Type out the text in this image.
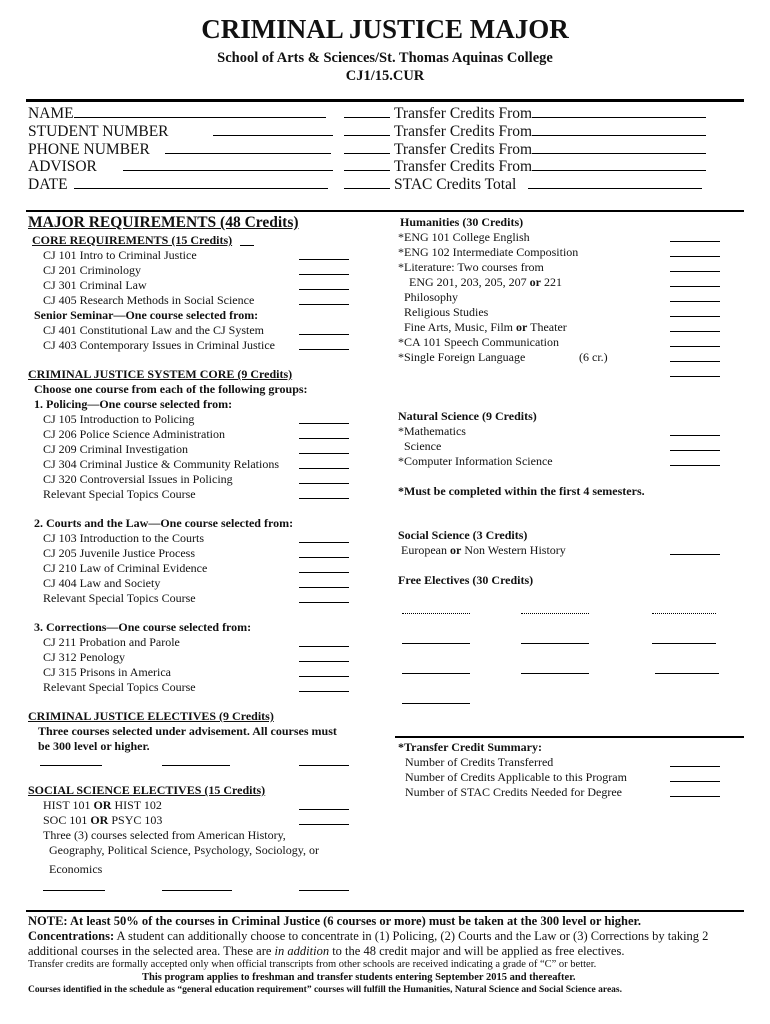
CRIMINAL JUSTICE MAJOR
School of Arts & Sciences/St. Thomas Aquinas College
CJ1/15.CUR
NAME
STUDENT NUMBER
PHONE NUMBER
ADVISOR
DATE
Transfer Credits From
Transfer Credits From
Transfer Credits From
Transfer Credits From
STAC Credits Total
MAJOR REQUIREMENTS (48 Credits)
CORE REQUIREMENTS (15 Credits)
CJ 101 Intro to Criminal Justice
CJ 201 Criminology
CJ 301 Criminal Law
CJ 405 Research Methods in Social Science
Senior Seminar—One course selected from:
CJ 401 Constitutional Law and the CJ System
CJ 403 Contemporary Issues in Criminal Justice
CRIMINAL JUSTICE SYSTEM CORE (9 Credits)
Choose one course from each of the following groups:
1. Policing—One course selected from:
CJ 105 Introduction to Policing
CJ 206 Police Science Administration
CJ 209 Criminal Investigation
CJ 304 Criminal Justice & Community Relations
CJ 320 Controversial Issues in Policing
Relevant Special Topics Course
2. Courts and the Law—One course selected from:
CJ 103 Introduction to the Courts
CJ 205 Juvenile Justice Process
CJ 210 Law of Criminal Evidence
CJ 404 Law and Society
Relevant Special Topics Course
3. Corrections—One course selected from:
CJ 211 Probation and Parole
CJ 312 Penology
CJ 315 Prisons in America
Relevant Special Topics Course
CRIMINAL JUSTICE ELECTIVES (9 Credits)
Three courses selected under advisement. All courses must
be 300 level or higher.
SOCIAL SCIENCE ELECTIVES (15 Credits)
HIST 101 OR HIST 102
SOC 101 OR PSYC 103
Three (3) courses selected from American History,
Geography, Political Science, Psychology, Sociology, or
Economics
Humanities (30 Credits)
*ENG 101 College English
*ENG 102 Intermediate Composition
*Literature: Two courses from
ENG 201, 203, 205, 207 or 221
Philosophy
Religious Studies
Fine Arts, Music, Film or Theater
*CA 101 Speech Communication
*Single Foreign Language	(6 cr.)
Natural Science (9 Credits)
*Mathematics
Science
*Computer Information Science
*Must be completed within the first 4 semesters.
Social Science (3 Credits)
European or Non Western History
Free Electives (30 Credits)
*Transfer Credit Summary:
Number of Credits Transferred
Number of Credits Applicable to this Program
Number of STAC Credits Needed for Degree
NOTE: At least 50% of the courses in Criminal Justice (6 courses or more) must be taken at the 300 level or higher.
Concentrations: A student can additionally choose to concentrate in (1) Policing, (2) Courts and the Law or (3) Corrections by taking 2
additional courses in the selected area. These are in addition to the 48 credit major and will be applied as free electives.
Transfer credits are formally accepted only when official transcripts from other schools are received indicating a grade of “C” or better.
This program applies to freshman and transfer students entering September 2015 and thereafter.
Courses identified in the schedule as “general education requirement” courses will fulfill the Humanities, Natural Science and Social Science areas.
